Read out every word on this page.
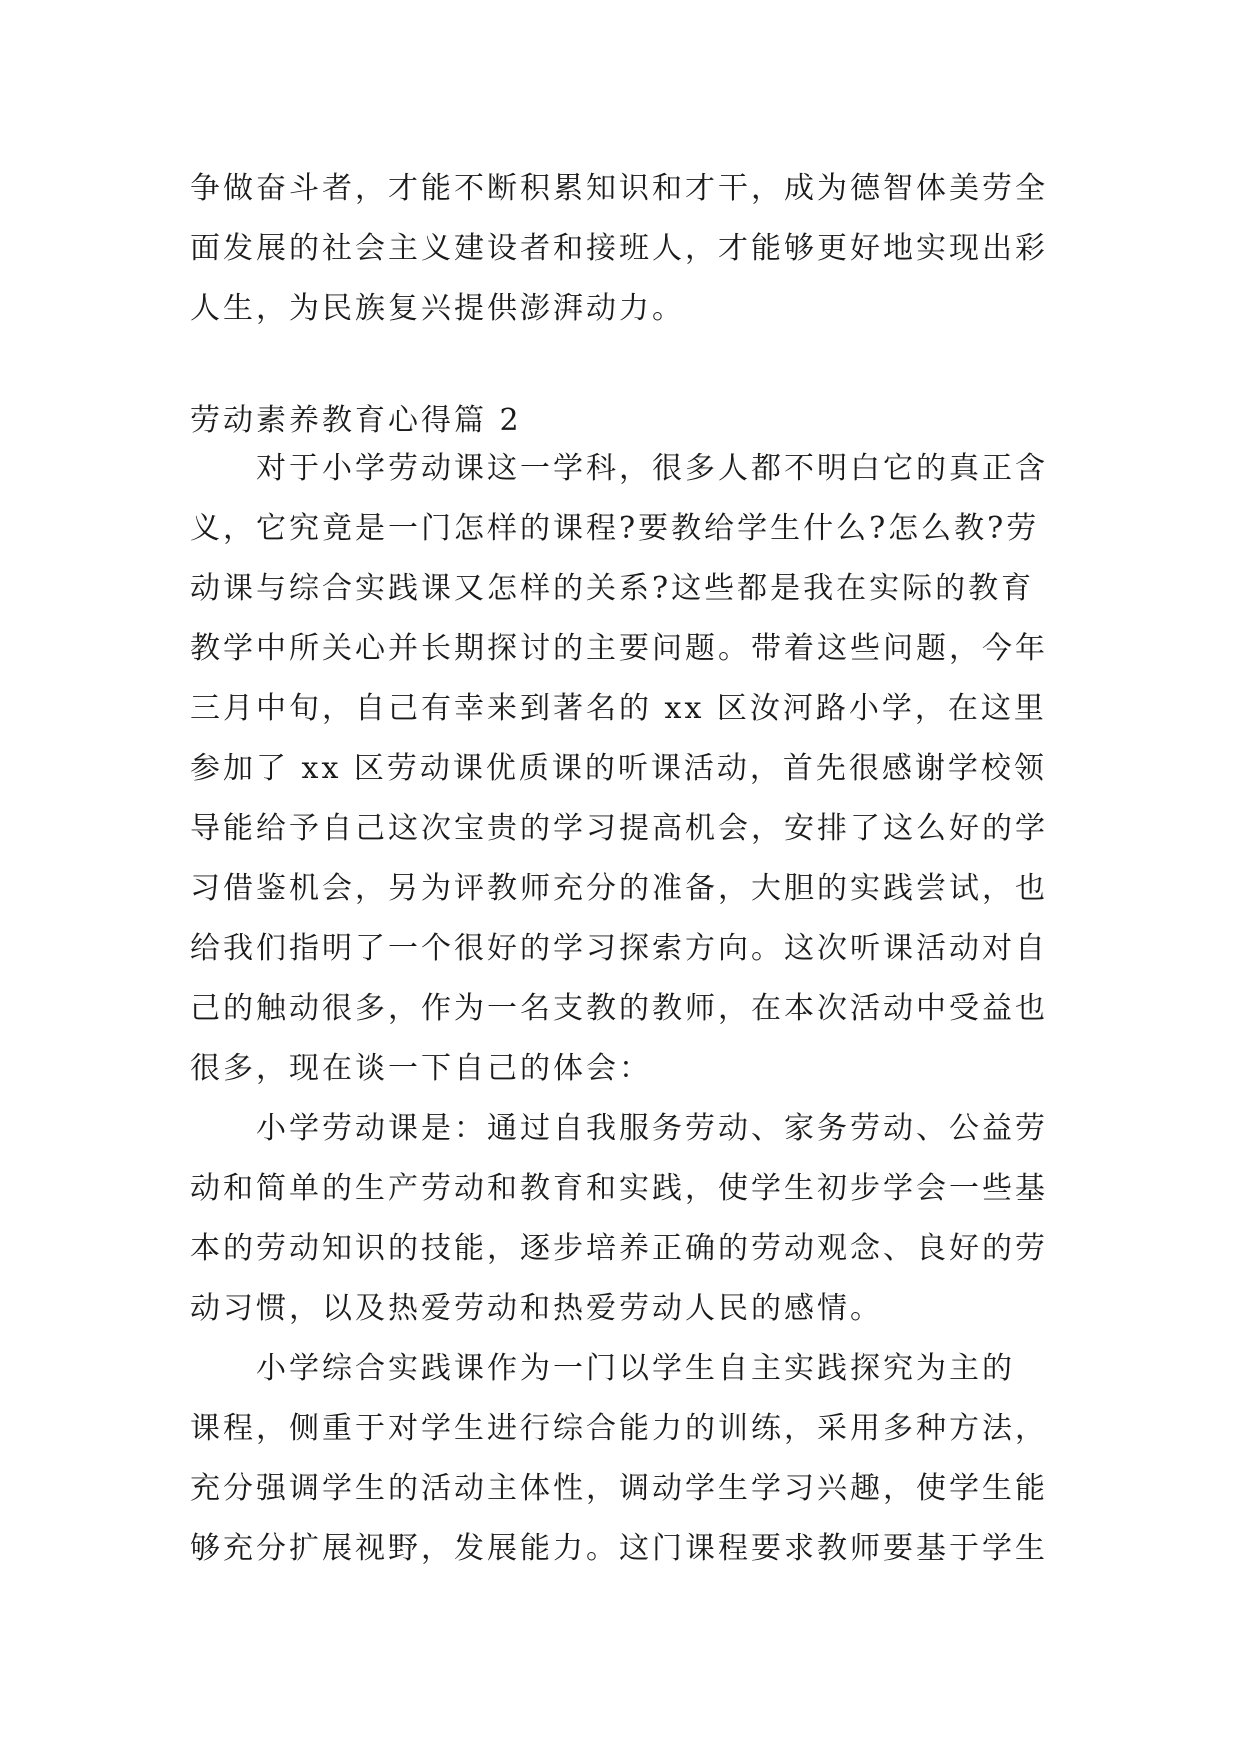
争做奋斗者，才能不断积累知识和才干，成为德智体美劳全
面发展的社会主义建设者和接班人，才能够更好地实现出彩
人生，为民族复兴提供澎湃动力。
劳动素养教育心得篇 2
对于小学劳动课这一学科，很多人都不明白它的真正含
义，它究竟是一门怎样的课程?要教给学生什么?怎么教?劳
动课与综合实践课又怎样的关系?这些都是我在实际的教育
教学中所关心并长期探讨的主要问题。带着这些问题，今年
三月中旬，自己有幸来到著名的 xx 区汝河路小学，在这里
参加了 xx 区劳动课优质课的听课活动，首先很感谢学校领
导能给予自己这次宝贵的学习提高机会，安排了这么好的学
习借鉴机会，另为评教师充分的准备，大胆的实践尝试，也
给我们指明了一个很好的学习探索方向。这次听课活动对自
己的触动很多，作为一名支教的教师，在本次活动中受益也
很多，现在谈一下自己的体会：
小学劳动课是：通过自我服务劳动、家务劳动、公益劳
动和简单的生产劳动和教育和实践，使学生初步学会一些基
本的劳动知识的技能，逐步培养正确的劳动观念、良好的劳
动习惯，以及热爱劳动和热爱劳动人民的感情。
小学综合实践课作为一门以学生自主实践探究为主的
课程，侧重于对学生进行综合能力的训练，采用多种方法，
充分强调学生的活动主体性，调动学生学习兴趣，使学生能
够充分扩展视野，发展能力。这门课程要求教师要基于学生
